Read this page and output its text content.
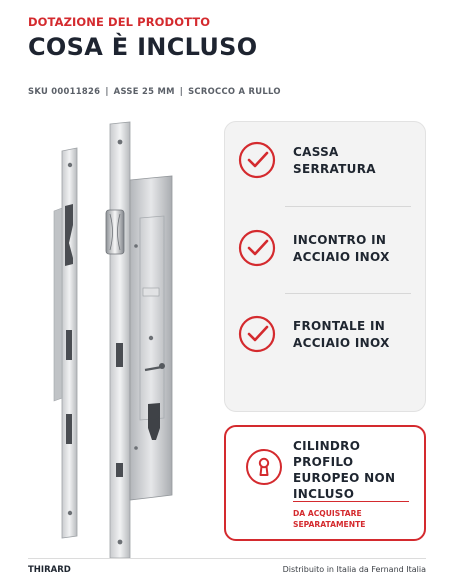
DOTAZIONE DEL PRODOTTO
COSA È INCLUSO
SKU 00011826 | ASSE 25 MM | SCROCCO A RULLO
CASSA
SERRATURA
INCONTRO IN
ACCIAIO INOX
FRONTALE IN
ACCIAIO INOX
CILINDRO
PROFILO
EUROPEO NON
INCLUSO
DA ACQUISTARE
SEPARATAMENTE
THIRARD	Distribuito in Italia da Fernand Italia
